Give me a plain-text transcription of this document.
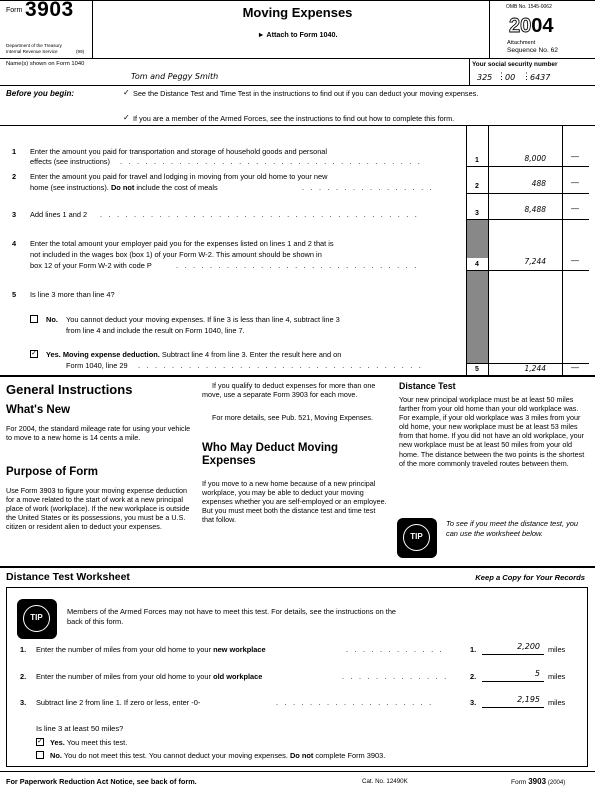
Form 3903
Department of the Treasury
Internal Revenue Service	(99)
Moving Expenses
► Attach to Form 1040.
OMB No. 1545-0062
2004
Attachment
Sequence No. 62
Name(s) shown on Form 1040
Tom and Peggy Smith
Your social security number
325 ⋮ 00 ⋮ 6437
Before you begin:	✓ See the Distance Test and Time Test in the instructions to find out if you can deduct your moving expenses.
✓ If you are a member of the Armed Forces, see the instructions to find out how to complete this form.
1 Enter the amount you paid for transportation and storage of household goods and personal
effects (see instructions) . . . . . . . . . . . . . . . . . . . . . . . . . . . . . . . . . . . .	1	8,000	—
2 Enter the amount you paid for travel and lodging in moving from your old home to your new
home (see instructions). Do not include the cost of meals	. . . . . . . . . . . . . . . .	2	488	—
3 Add lines 1 and 2 . . . . . . . . . . . . . . . . . . . . . . . . . . . . . . . . . . . . . .	3	8,488	—
4 Enter the total amount your employer paid you for the expenses listed on lines 1 and 2 that is
not included in the wages box (box 1) of your Form W-2. This amount should be shown in
box 12 of your Form W-2 with code P	. . . . . . . . . . . . . . . . . . . . . . . . . . . . .	4	7,244	—
5 Is line 3 more than line 4?
No. You cannot deduct your moving expenses. If line 3 is less than line 4, subtract line 3
from line 4 and include the result on Form 1040, line 7.
✓ Yes. Moving expense deduction. Subtract line 4 from line 3. Enter the result here and on
Form 1040, line 29 . . . . . . . . . . . . . . . . . . . . . . . . . . . . . . . . . .	5	1,244	—
General Instructions
What's New

For 2004, the standard mileage rate for using your vehicle to move to a new home is 14 cents a mile.

Purpose of Form

Use Form 3903 to figure your moving expense deduction for a move related to the start of work at a new principal place of work (workplace). If the new workplace is outside the United States or its possessions, you must be a U.S. citizen or resident alien to deduct your expenses.

If you qualify to deduct expenses for more than one move, use a separate Form 3903 for each move.

For more details, see Pub. 521, Moving Expenses.

Who May Deduct Moving Expenses

If you move to a new home because of a new principal workplace, you may be able to deduct your moving expenses whether you are self-employed or an employee. But you must meet both the distance test and time test that follow.

Distance Test

Your new principal workplace must be at least 50 miles farther from your old home than your old workplace was. For example, if your old workplace was 3 miles from your old home, your new workplace must be at least 53 miles from that home. If you did not have an old workplace, your new workplace must be at least 50 miles from your old home. The distance between the two points is the shortest of the more commonly traveled routes between them.

TIP

To see if you meet the distance test, you can use the worksheet below.

Distance Test Worksheet	Keep a Copy for Your Records
TIP

Members of the Armed Forces may not have to meet this test. For details, see the instructions on the back of this form.

1. Enter the number of miles from your old home to your new workplace	. . . . . . . . . . . .	1.	2,200 miles
2. Enter the number of miles from your old home to your old workplace	. . . . . . . . . . . . .	2.	5 miles
3. Subtract line 2 from line 1. If zero or less, enter -0-	. . . . . . . . . . . . . . . . . . .	3.	2,195 miles
Is line 3 at least 50 miles?
✓ Yes. You meet this test.
No. You do not meet this test. You cannot deduct your moving expenses. Do not complete Form 3903.
For Paperwork Reduction Act Notice, see back of form.	Cat. No. 12490K	Form 3903 (2004)
